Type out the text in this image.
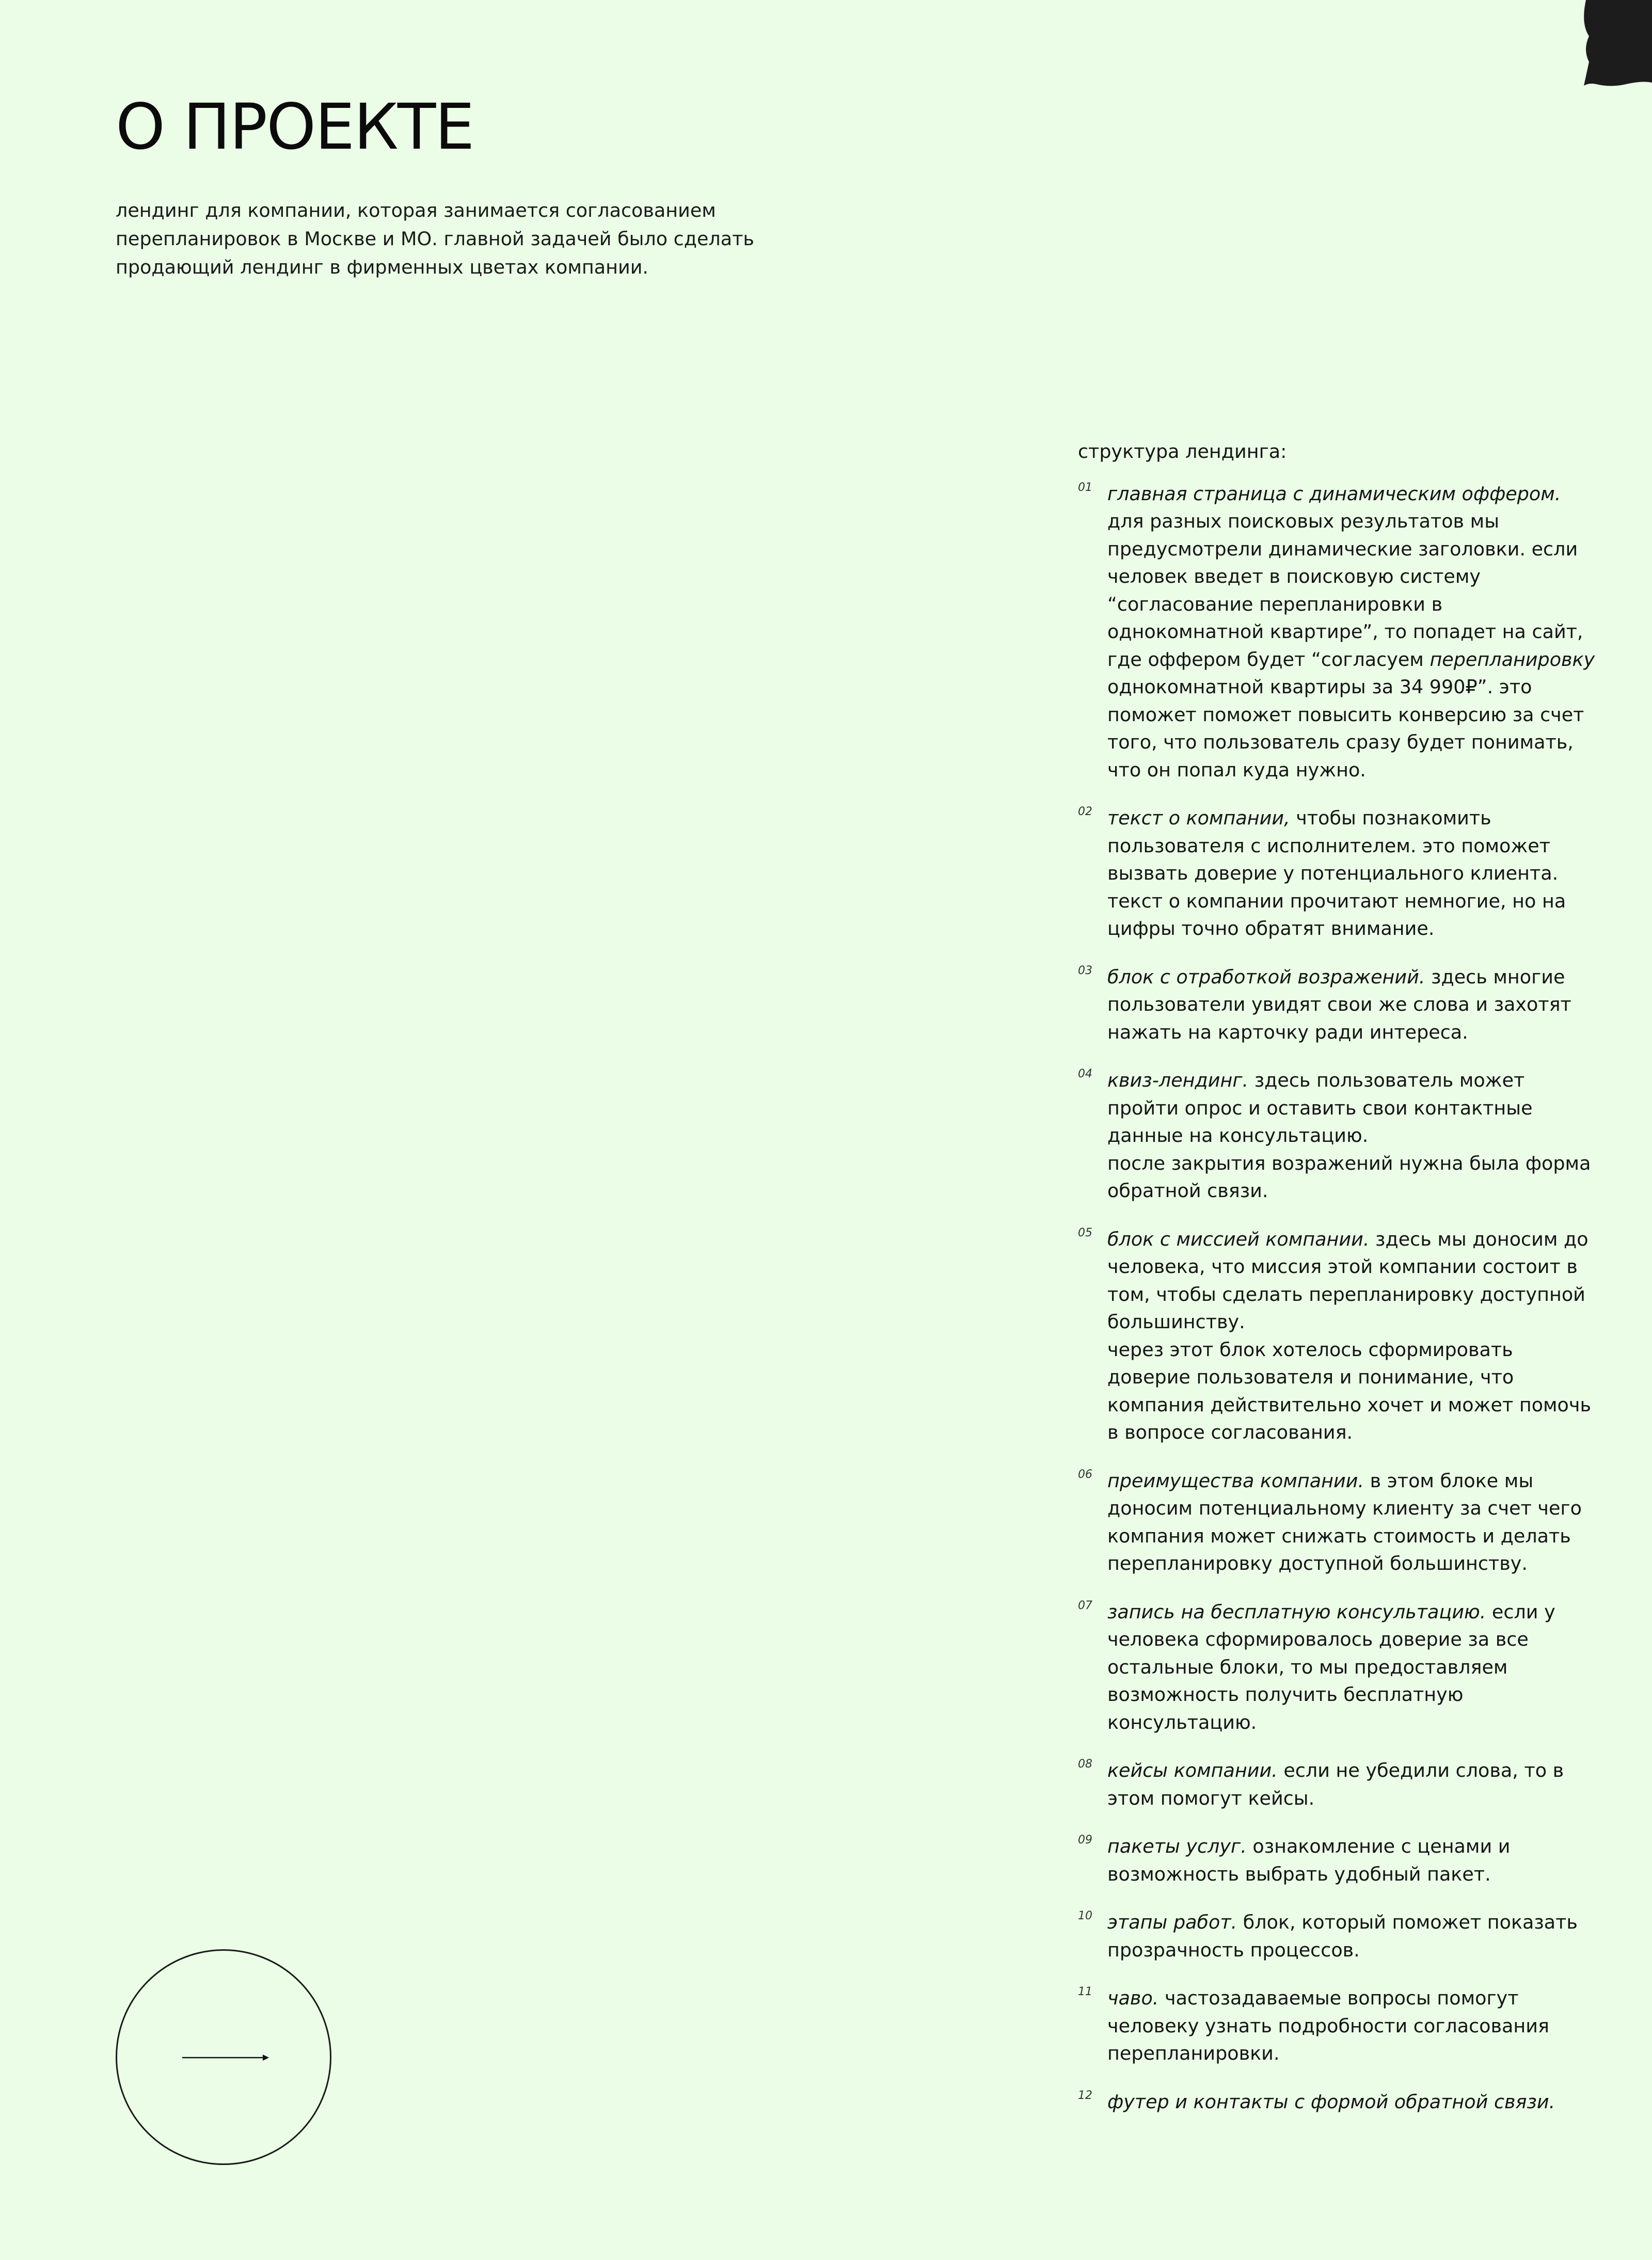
О ПРОЕКТЕ

лендинг для компании, которая занимается согласованием перепланировок в Москве и МО. главной задачей было сделать продающий лендинг в фирменных цветах компании.

структура лендинга:

01 главная страница с динамическим оффером. для разных поисковых результатов мы предусмотрели динамические заголовки. если человек введет в поисковую систему “согласование перепланировки в однокомнатной квартире”, то попадет на сайт, где оффером будет “согласуем перепланировку однокомнатной квартиры за 34 990₽”. это поможет поможет повысить конверсию за счет того, что пользователь сразу будет понимать, что он попал куда нужно.
02 текст о компании, чтобы познакомить пользователя с исполнителем. это поможет вызвать доверие у потенциального клиента. текст о компании прочитают немногие, но на цифры точно обратят внимание.
03 блок с отработкой возражений. здесь многие пользователи увидят свои же слова и захотят нажать на карточку ради интереса.
04 квиз-лендинг. здесь пользователь может пройти опрос и оставить свои контактные данные на консультацию.
после закрытия возражений нужна была форма обратной связи.
05 блок с миссией компании. здесь мы доносим до человека, что миссия этой компании состоит в том, чтобы сделать перепланировку доступной большинству.
через этот блок хотелось сформировать доверие пользователя и понимание, что компания действительно хочет и может помочь в вопросе согласования.
06 преимущества компании. в этом блоке мы доносим потенциальному клиенту за счет чего компания может снижать стоимость и делать перепланировку доступной большинству.
07 запись на бесплатную консультацию. если у человека сформировалось доверие за все остальные блоки, то мы предоставляем возможность получить бесплатную консультацию.
08 кейсы компании. если не убедили слова, то в этом помогут кейсы.
09 пакеты услуг. ознакомление с ценами и возможность выбрать удобный пакет.
10 этапы работ. блок, который поможет показать прозрачность процессов.
11 чаво. частозадаваемые вопросы помогут человеку узнать подробности согласования перепланировки.
12 футер и контакты с формой обратной связи.
